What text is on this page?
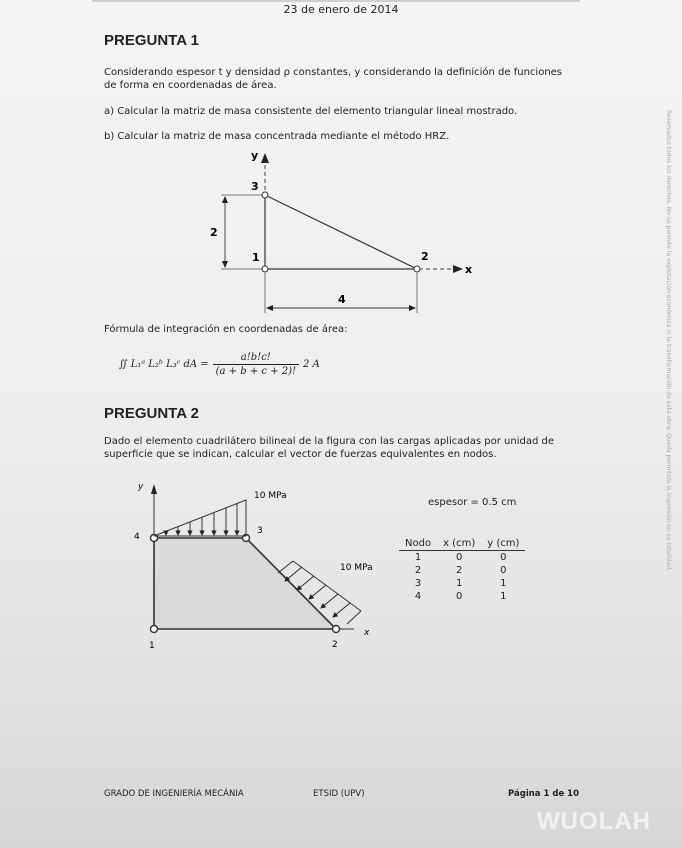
23 de enero de 2014
PREGUNTA 1
Considerando espesor t y densidad ρ constantes, y considerando la definición de funciones de forma en coordenadas de área.
a) Calcular la matriz de masa consistente del elemento triangular lineal mostrado.
b) Calcular la matriz de masa concentrada mediante el método HRZ.
y
x
3
1	2
2
4
Fórmula de integración en coordenadas de área:
∬ L₁ᵃ L₂ᵇ L₃ᶜ dA = $\frac{a!b!c!}{(a + b + c + 2)!} 2$ A
PREGUNTA 2
Dado el elemento cuadrilátero bilineal de la figura con las cargas aplicadas por unidad de superficie que se indican, calcular el vector de fuerzas equivalentes en nodos.
y
x
4
3
2
1
10 MPa
10 MPa
espesor = 0.5 cm
Nodo	x (cm)	y (cm)
1	0	0
2	2	0
3	1	1
4	0	1
GRADO DE INGENIERÍA MECÁNIA	ETSID (UPV)	Página 1 de 10
WUOLAH
Reservados todos los derechos. No se permite la explotación económica ni la transformación de esta obra. Queda permitida la impresión en su totalidad.
